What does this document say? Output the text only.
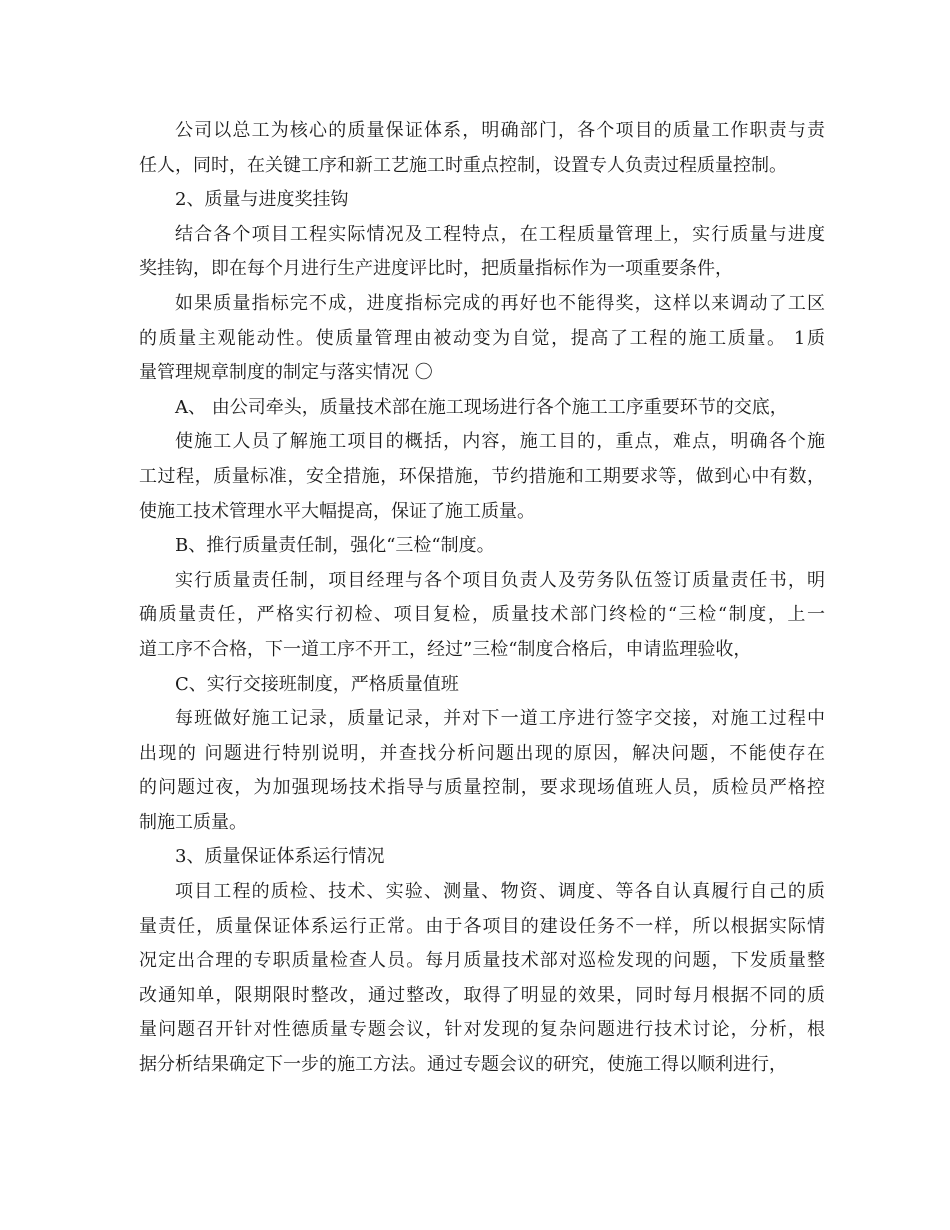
公司以总工为核心的质量保证体系，明确部门，各个项目的质量工作职责与责
任人，同时，在关键工序和新工艺施工时重点控制，设置专人负责过程质量控制。
2、质量与进度奖挂钩
结合各个项目工程实际情况及工程特点，在工程质量管理上，实行质量与进度
奖挂钩，即在每个月进行生产进度评比时，把质量指标作为一项重要条件，
如果质量指标完不成，进度指标完成的再好也不能得奖，这样以来调动了工区
的质量主观能动性。使质量管理由被动变为自觉，提高了工程的施工质量。 1质
量管理规章制度的制定与落实情况 〇
A、 由公司牵头，质量技术部在施工现场进行各个施工工序重要环节的交底，
使施工人员了解施工项目的概括，内容，施工目的，重点，难点，明确各个施
工过程，质量标准，安全措施，环保措施，节约措施和工期要求等，做到心中有数，
使施工技术管理水平大幅提高，保证了施工质量。
B、推行质量责任制，强化“三检“制度。
实行质量责任制，项目经理与各个项目负责人及劳务队伍签订质量责任书，明
确质量责任，严格实行初检、项目复检，质量技术部门终检的“三检“制度，上一
道工序不合格，下一道工序不开工，经过”三检“制度合格后，申请监理验收，
C、实行交接班制度，严格质量值班
每班做好施工记录，质量记录，并对下一道工序进行签字交接，对施工过程中
出现的 问题进行特别说明，并查找分析问题出现的原因，解决问题，不能使存在
的问题过夜，为加强现场技术指导与质量控制，要求现场值班人员，质检员严格控
制施工质量。
3、质量保证体系运行情况
项目工程的质检、技术、实验、测量、物资、调度、等各自认真履行自己的质
量责任，质量保证体系运行正常。由于各项目的建设任务不一样，所以根据实际情
况定出合理的专职质量检查人员。每月质量技术部对巡检发现的问题，下发质量整
改通知单，限期限时整改，通过整改，取得了明显的效果，同时每月根据不同的质
量问题召开针对性德质量专题会议，针对发现的复杂问题进行技术讨论，分析，根
据分析结果确定下一步的施工方法。通过专题会议的研究，使施工得以顺利进行，
